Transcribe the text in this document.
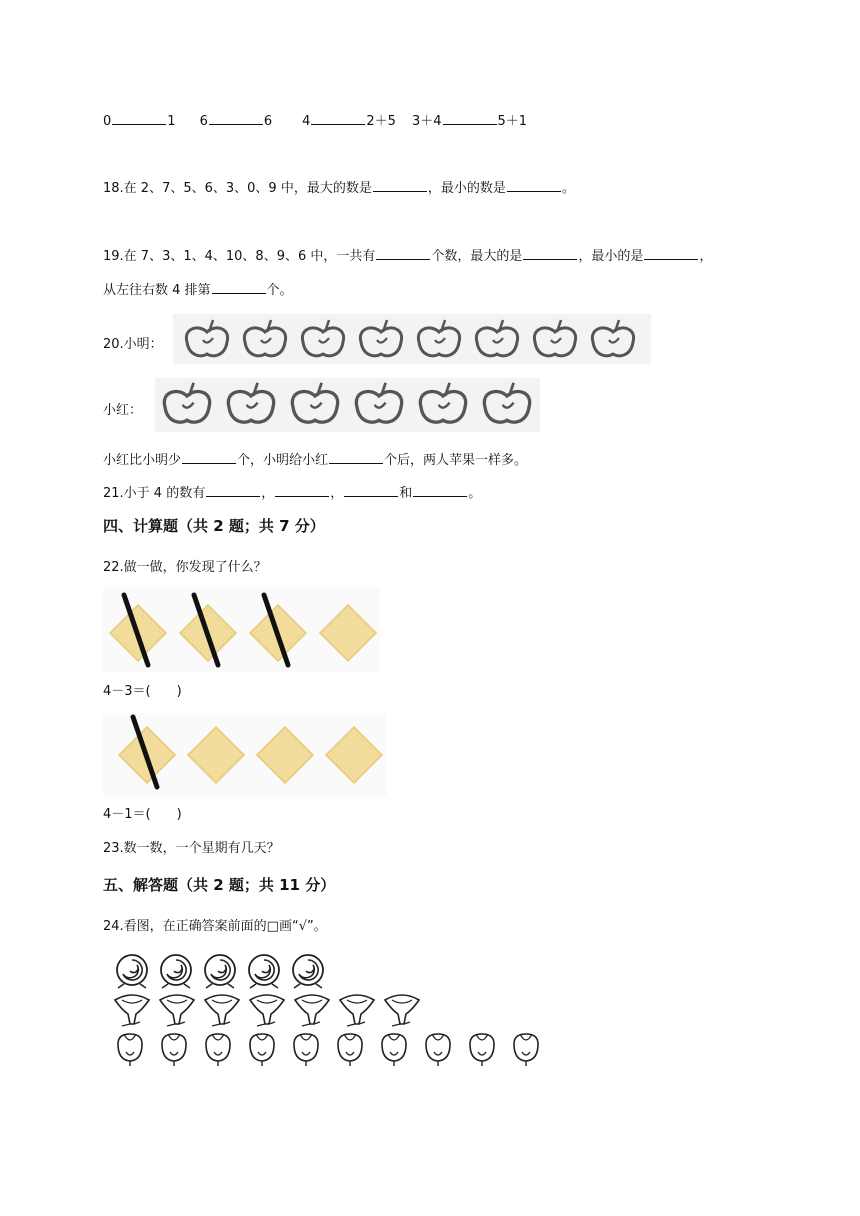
0	1 6	6 4	2＋5 3＋4	5＋1
18.在 2、7、5、6、3、0、9 中，最大的数是	，最小的数是	。
19.在 7、3、1、4、10、8、9、6 中，一共有	个数，最大的是	，最小的是	，
从左往右数 4 排第	个。
20.小明：
小红：
小红比小明少	个，小明给小红	个后，两人苹果一样多。
21.小于 4 的数有	，	，	和	。
四、计算题（共 2 题；共 7 分）
22.做一做，你发现了什么？
4－3＝(　　)
4－1＝(　　)
23.数一数，一个星期有几天？
五、解答题（共 2 题；共 11 分）
24.看图，在正确答案前面的□画“√”。
